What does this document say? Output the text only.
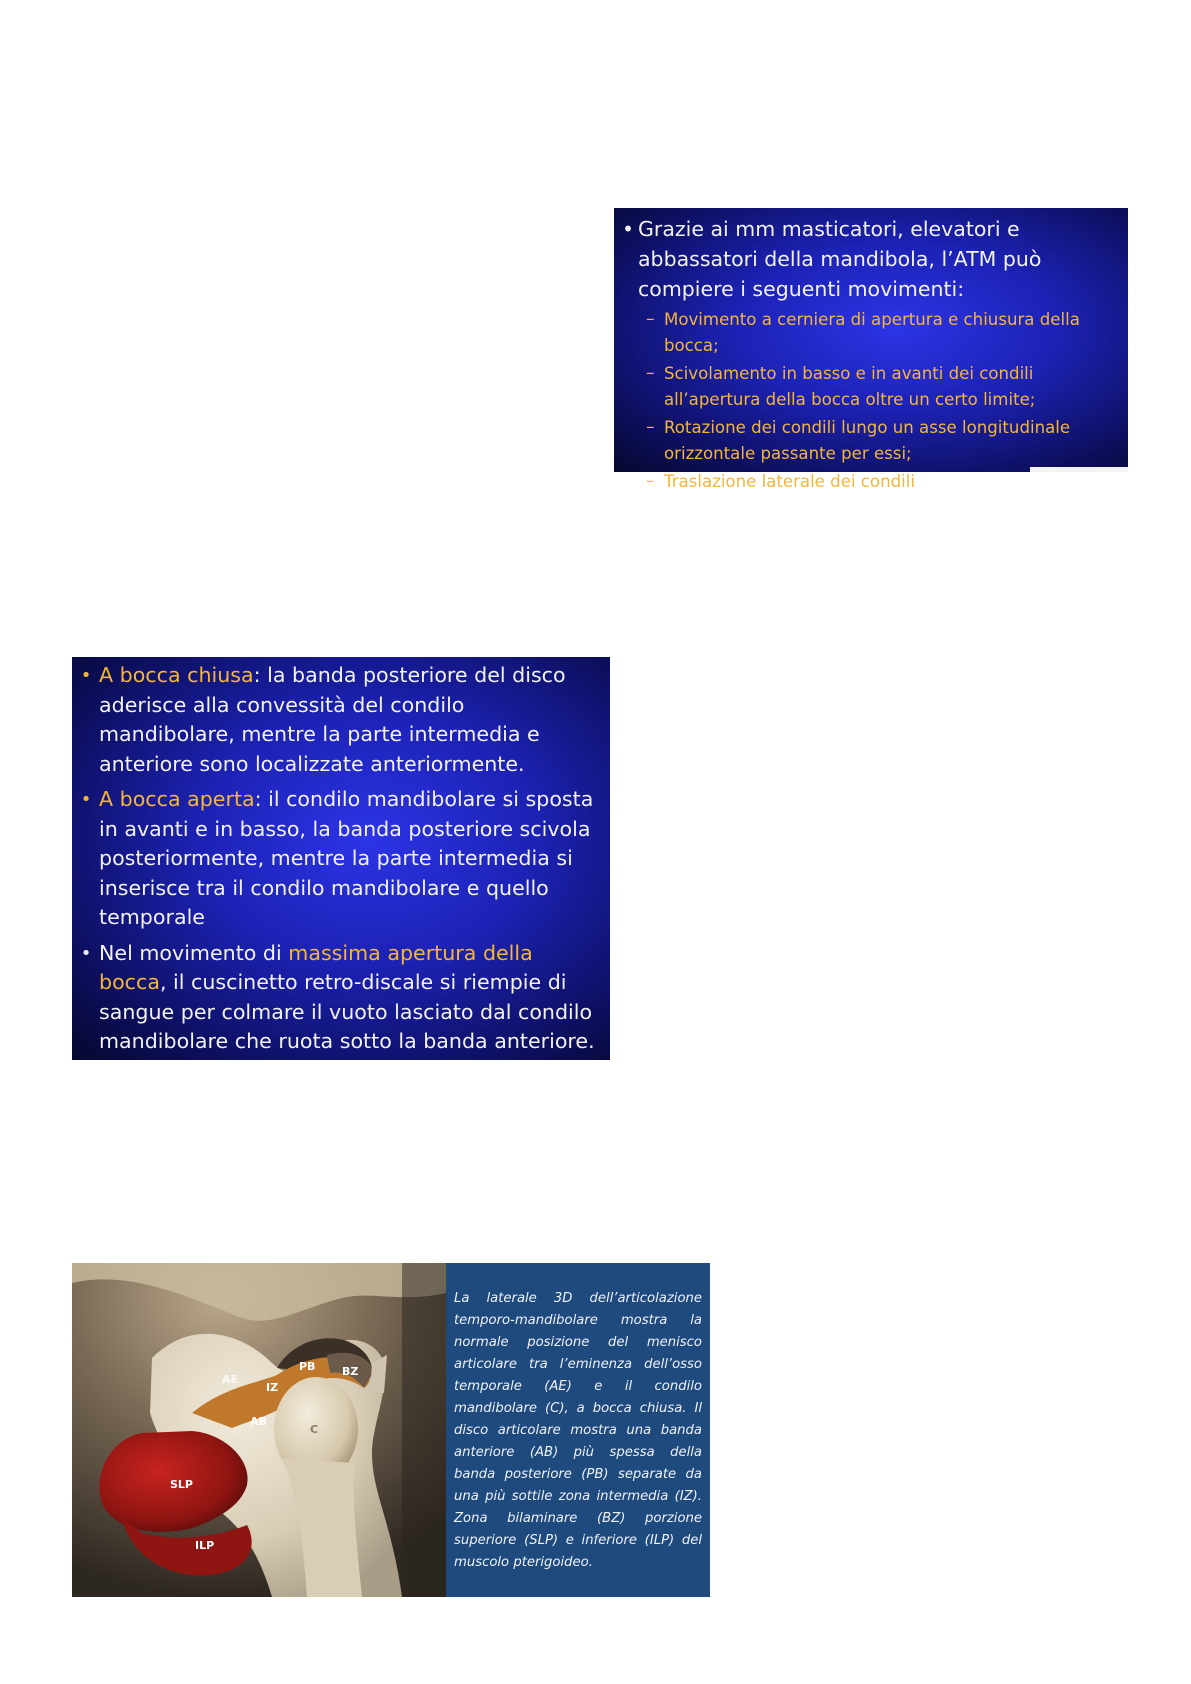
• Grazie ai mm masticatori, elevatori e abbassatori della mandibola, l’ATM può compiere i seguenti movimenti:
– Movimento a cerniera di apertura e chiusura della bocca;
– Scivolamento in basso e in avanti dei condili all’apertura della bocca oltre un certo limite;
– Rotazione dei condili lungo un asse longitudinale orizzontale passante per essi;
– Traslazione laterale dei condili
• A bocca chiusa: la banda posteriore del disco aderisce alla convessità del condilo mandibolare, mentre la parte intermedia e anteriore sono localizzate anteriormente.
• A bocca aperta: il condilo mandibolare si sposta in avanti e in basso, la banda posteriore scivola posteriormente, mentre la parte intermedia si inserisce tra il condilo mandibolare e quello temporale
• Nel movimento di massima apertura della bocca, il cuscinetto retro-discale si riempie di sangue per colmare il vuoto lasciato dal condilo mandibolare che ruota sotto la banda anteriore.
AE
IZ
PB BZ
AB
C
SLP
ILP
La laterale 3D dell’articolazione temporo-mandibolare mostra la normale posizione del menisco articolare tra l’eminenza dell’osso temporale (AE) e il condilo mandibolare (C), a bocca chiusa. Il disco articolare mostra una banda anteriore (AB) più spessa della banda posteriore (PB) separate da una più sottile zona intermedia (IZ). Zona bilaminare (BZ) porzione superiore (SLP) e inferiore (ILP) del muscolo pterigoideo.
